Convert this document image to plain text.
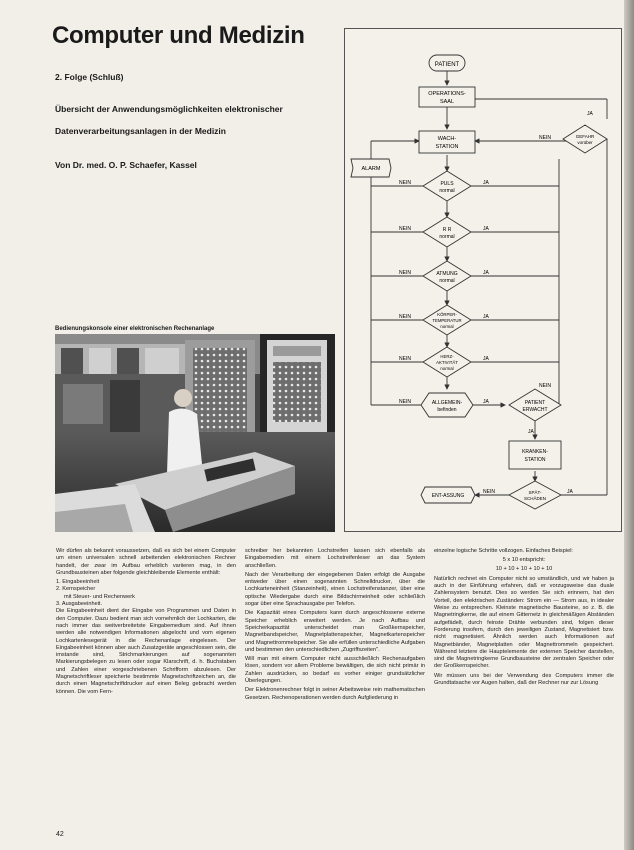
Computer und Medizin
2. Folge (Schluß)
Übersicht der Anwendungsmöglichkeiten elektronischer
Datenverarbeitungsanlagen in der Medizin
Von Dr. med. O. P. Schaefer, Kassel
Bedienungskonsole einer elektronischen Rechenanlage
PATIENT
OPERATIONS-
SAAL
WACH-
STATION
ALARM
PULS
normal
R R
normal
ATMUNG
normal
KÖRPER-
TEMPERATUR
normal
HERZ-
AKTIVITÄT
normal
ALLGEMEIN-
befinden
PATIENT
ERWACHT
GEFAHR
vorüber
KRANKEN-
STATION
ENT-ASSUNG
SPÄT-
SCHÄDEN
JA
JA
JA
JA
JA
JA
JA
JA
JA
NEIN
NEIN
NEIN
NEIN
NEIN
NEIN
NEIN
NEIN
NEIN

Wir dürfen als bekannt voraussetzen, daß es sich bei einem Computer um einen universalen schnell arbeitenden elektronischen Rechner handelt, der zwar im Aufbau erheblich variieren mag, in den Grundbausteinen aber folgende gleichbleibende Elemente enthält:

1. Eingabeeinheit

2. Kernspeicher

mit Steuer- und Rechenwerk

3. Ausgabeeinheit.

Die Eingabeeinheit dient der Eingabe von Programmen und Daten in den Computer. Dazu bedient man sich vornehmlich der Lochkarten, die nach immer das weitverbreitetste Eingabemedium sind. Auf ihnen werden alle notwendigen Informationen abgelocht und vom eigenen Lochkartenlesegerät in die Rechenanlage eingelesen. Der Eingabeeinheit können aber auch Zusatzgeräte angeschlossen sein, die imstande sind, Strichmarkierungen auf sogenannten Markierungsbelegen zu lesen oder sogar Klarschrift, d. h. Buchstaben und Zahlen einer vorgeschriebenen Schrifform abzulesen. Der Magnetschriftleser speicherte bestimmte Magnetschriftzeichen an, die durch einen Magnetschriftdrucker auf einen Beleg gebracht werden können. Die vom Fern-

schreiber her bekannten Lochstreifen lassen sich ebenfalls als Eingabemedien mit einem Lochstreifenleser an das System anschließen.

Nach der Verarbeitung der eingegebenen Daten erfolgt die Ausgabe entweder über einen sogenannten Schnelldrucker, über die Lochkarteneinheit (Stanzeinheit), einen Lochstreifenstanzer, über eine optische Wiedergabe durch eine Bildschirmeinheit oder schließlich sogar über eine Sprachausgabe per Telefon.

Die Kapazität eines Computers kann durch angeschlossene externe Speicher erheblich erweitert werden. Je nach Aufbau und Speicherkapazität unterscheidet man Großkernspeicher, Magnetbandspeicher, Magnetplattenspeicher, Magnetkartenspeicher und Magnettrommelspeicher. Sie alle erfüllen unterschiedliche Aufgaben und bestimmen den unterschiedlichen „Zugriffszeiten".

Will man mit einem Computer nicht ausschließlich Rechenaufgaben lösen, sondern vor allem Probleme bewältigen, die sich nicht primär in Zahlen ausdrücken, so bedarf es vorher einiger grundsätzlicher Überlegungen.

Der Elektronenrechner folgt in seiner Arbeitsweise rein mathematischen Gesetzen. Rechenoperationen werden durch Aufgliederung in

einzelne logische Schritte vollzogen. Einfaches Beispiel:

5 x 10 entspricht:

10 + 10 + 10 + 10 + 10

Natürlich rechnet ein Computer nicht so umständlich, und wir haben ja auch in der Einführung erfahren, daß er vorzugsweise das duale Zahlensystem benutzt. Dies so werden Sie sich erinnern, hat den Vorteil, den elektrischen Zuständen: Strom ein — Strom aus, in idealer Weise zu entsprechen. Kleinste magnetische Bausteine, so z. B. die Magnetringkerne, die auf einem Gitternetz in gleichmäßigen Abständen aufgefädelt, durch feinste Drähte verbunden sind, folgen dieser Forderung insofern, durch den jeweiligen Zustand, Magnetisiert bzw. nicht magnetisiert. Ähnlich werden auch Informationen auf Magnetbänder, Magnetplatten oder Magnettrommeln gespeichert. Während letztere die Hauptelemente der externen Speicher darstellen, sind die Magnetringkerne Grundbausteine der zentralen Speicher oder der Großkernspeicher.

Wir müssen uns bei der Verwendung des Computers immer die Grundtatsache vor Augen halten, daß der Rechner nur zur Lösung

42
